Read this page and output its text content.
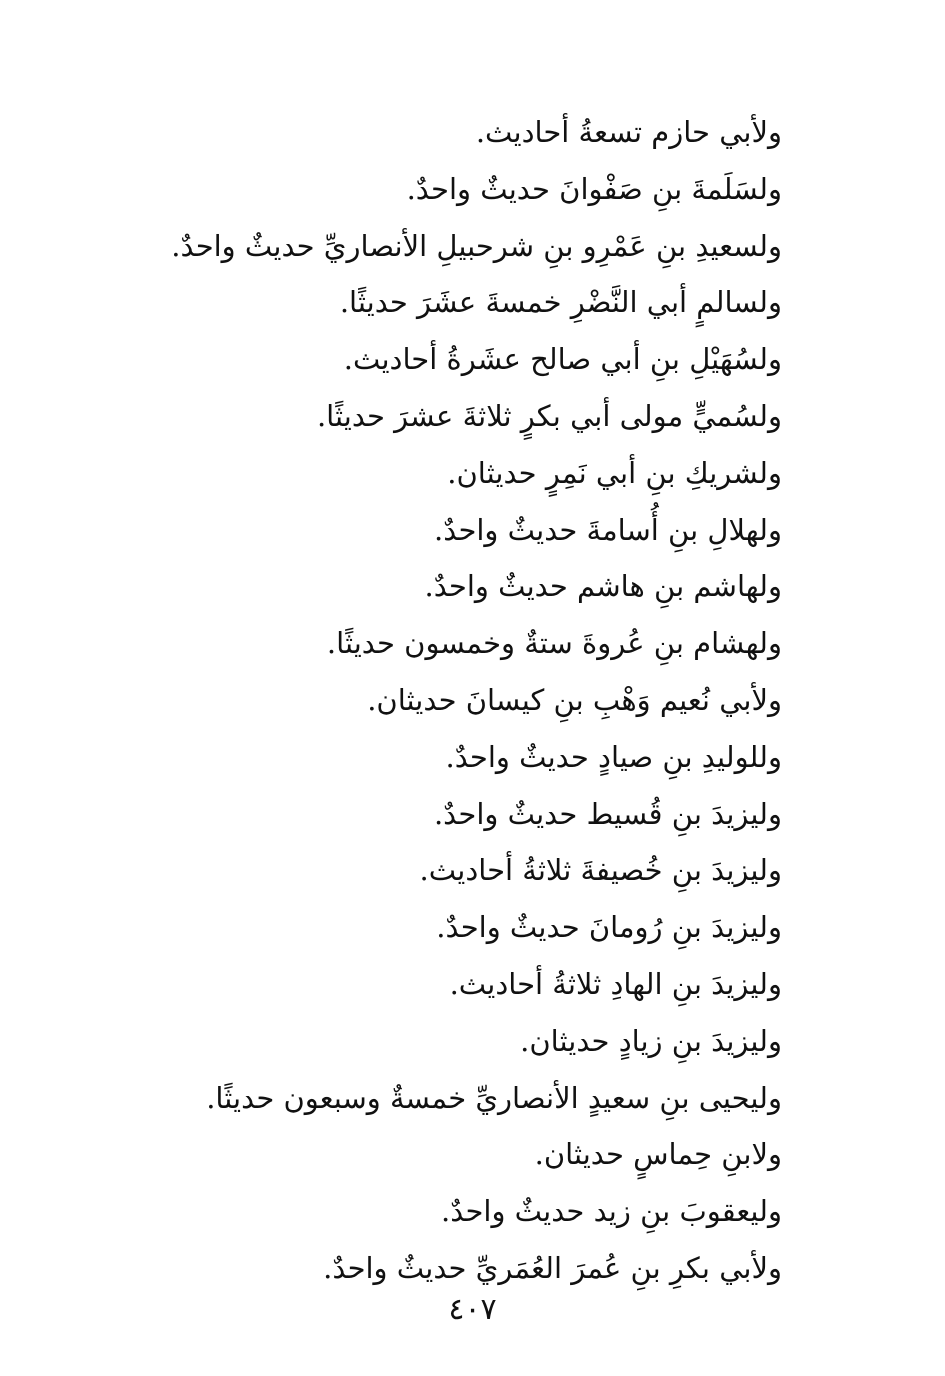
ولأبي حازم تسعةُ أحاديث.
ولسَلَمةَ بنِ صَفْوانَ حديثٌ واحدٌ.
ولسعيدِ بنِ عَمْرِو بنِ شرحبيلِ الأنصاريِّ حديثٌ واحدٌ.
ولسالمٍ أبي النَّضْرِ خمسةَ عشَرَ حديثًا.
ولسُهَيْلِ بنِ أبي صالح عشَرةُ أحاديث.
ولسُميٍّ مولى أبي بكرٍ ثلاثةَ عشرَ حديثًا.
ولشريكِ بنِ أبي نَمِرٍ حديثان.
ولهلالِ بنِ أُسامةَ حديثٌ واحدٌ.
ولهاشم بنِ هاشم حديثٌ واحدٌ.
ولهشام بنِ عُروةَ ستةٌ وخمسون حديثًا.
ولأبي نُعيم وَهْبِ بنِ كيسانَ حديثان.
وللوليدِ بنِ صيادٍ حديثٌ واحدٌ.
وليزيدَ بنِ قُسيط حديثٌ واحدٌ.
وليزيدَ بنِ خُصيفةَ ثلاثةُ أحاديث.
وليزيدَ بنِ رُومانَ حديثٌ واحدٌ.
وليزيدَ بنِ الهادِ ثلاثةُ أحاديث.
وليزيدَ بنِ زيادٍ حديثان.
وليحيى بنِ سعيدٍ الأنصاريِّ خمسةٌ وسبعون حديثًا.
ولابنِ حِماسٍ حديثان.
وليعقوبَ بنِ زيد حديثٌ واحدٌ.
ولأبي بكرِ بنِ عُمرَ العُمَريِّ حديثٌ واحدٌ.
٤٠٧
